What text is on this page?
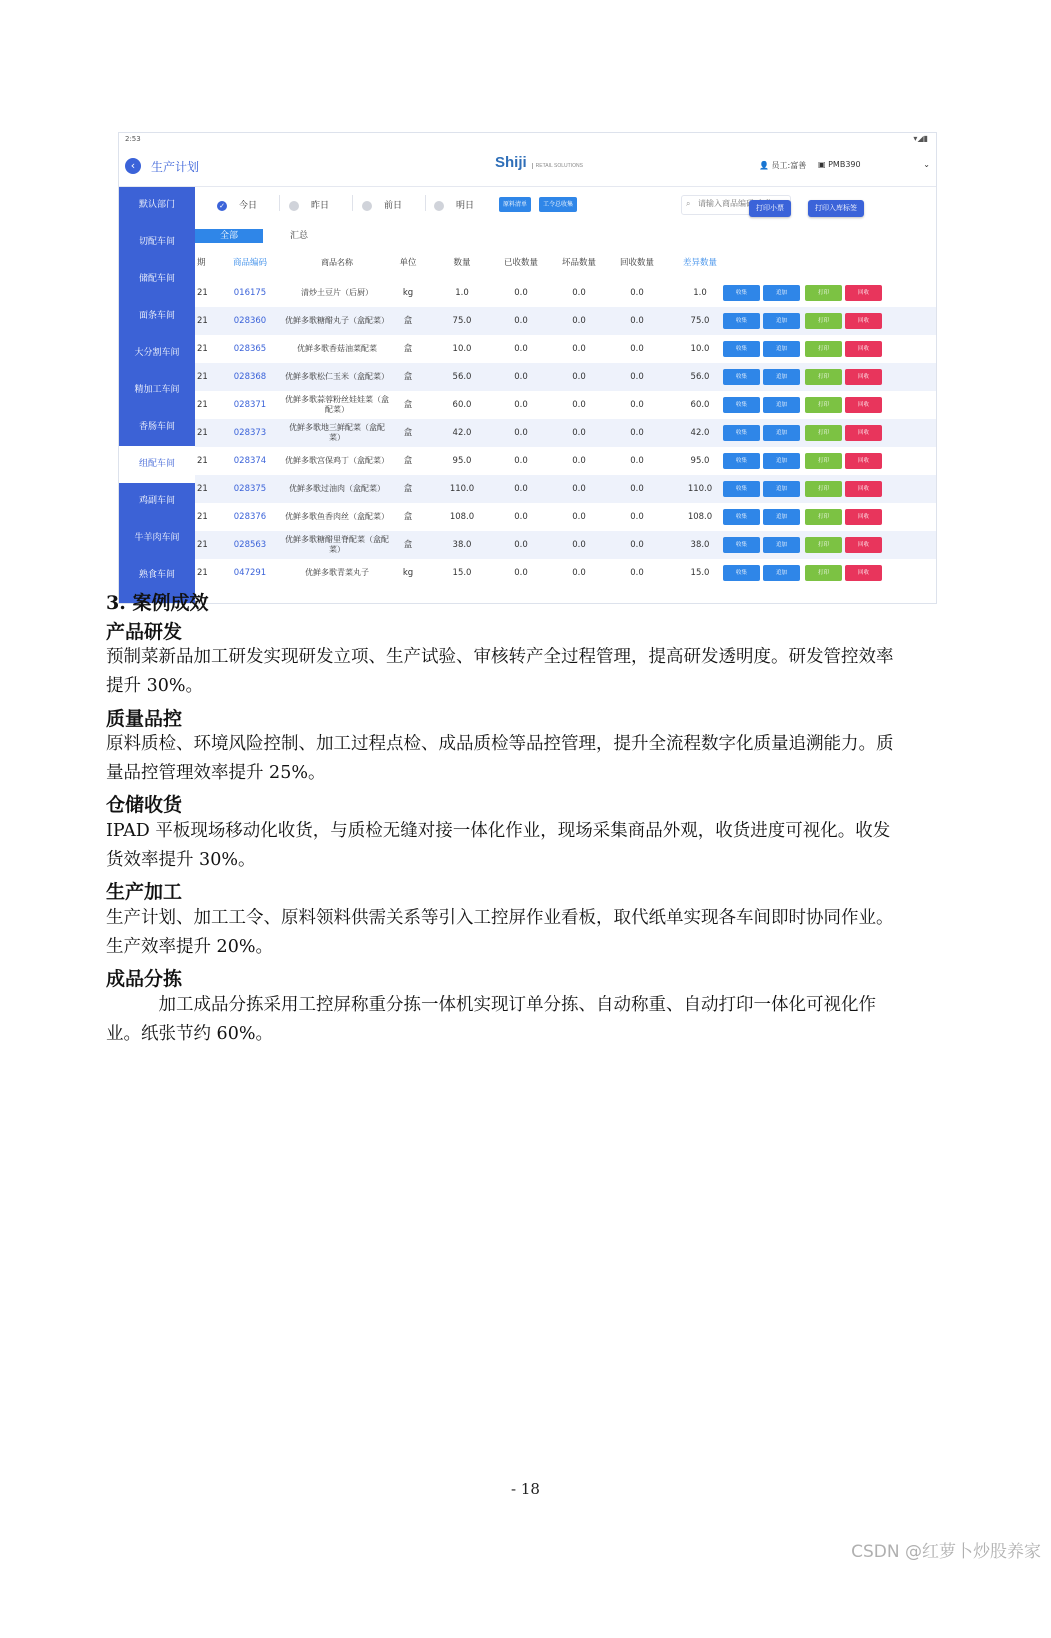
2:53	▾◢▮
‹	生产计划	Shiji RETAIL SOLUTIONS	👤 员工:富善 ▣ PMB390	⌄
默认部门
切配车间
储配车间
面条车间
大分割车间
精加工车间
香肠车间
组配车间
鸡副车间
牛羊肉车间
熟食车间
✓ 今日	昨日	前日	明日	原料清单	工令总收集	⌕
请输入商品编码/名称	打印小票	打印入库标签
全部	汇总
期	商品编码	商品名称	单位	数量	已收数量	坏品数量	回收数量	差异数量
21	016175	清炒土豆片（后厨）	kg	1.0	0.0	0.0	0.0	1.0	收集	追加	打印	回收
21	028360	优鲜多歌糖醋丸子（盒配菜）	盒	75.0	0.0	0.0	0.0	75.0	收集	追加	打印	回收
21	028365	优鲜多歌香菇油菜配菜	盒	10.0	0.0	0.0	0.0	10.0	收集	追加	打印	回收
21	028368	优鲜多歌松仁玉米（盒配菜）	盒	56.0	0.0	0.0	0.0	56.0	收集	追加	打印	回收
21	028371	优鲜多歌蒜蓉粉丝娃娃菜（盒配菜）	盒	60.0	0.0	0.0	0.0	60.0	收集	追加	打印	回收
21	028373	优鲜多歌地三鲜配菜（盒配菜）	盒	42.0	0.0	0.0	0.0	42.0	收集	追加	打印	回收
21	028374	优鲜多歌宫保鸡丁（盒配菜）	盒	95.0	0.0	0.0	0.0	95.0	收集	追加	打印	回收
21	028375	优鲜多歌过油肉（盒配菜）	盒	110.0	0.0	0.0	0.0	110.0	收集	追加	打印	回收
21	028376	优鲜多歌鱼香肉丝（盒配菜）	盒	108.0	0.0	0.0	0.0	108.0	收集	追加	打印	回收
21	028563	优鲜多歌糖醋里脊配菜（盒配菜）	盒	38.0	0.0	0.0	0.0	38.0	收集	追加	打印	回收
21	047291	优鲜多歌青菜丸子	kg	15.0	0.0	0.0	0.0	15.0	收集	追加	打印	回收
3. 案例成效
产品研发
预制菜新品加工研发实现研发立项、生产试验、审核转产全过程管理，提高研发透明度。研发管控效率提升 30%。
质量品控
原料质检、环境风险控制、加工过程点检、成品质检等品控管理，提升全流程数字化质量追溯能力。质量品控管理效率提升 25%。
仓储收货
IPAD 平板现场移动化收货，与质检无缝对接一体化作业，现场采集商品外观，收货进度可视化。收发货效率提升 30%。
生产加工
生产计划、加工工令、原料领料供需关系等引入工控屏作业看板，取代纸单实现各车间即时协同作业。生产效率提升 20%。
成品分拣
　　　加工成品分拣采用工控屏称重分拣一体机实现订单分拣、自动称重、自动打印一体化可视化作业。纸张节约 60%。
- 18
CSDN @红萝卜炒股养家
